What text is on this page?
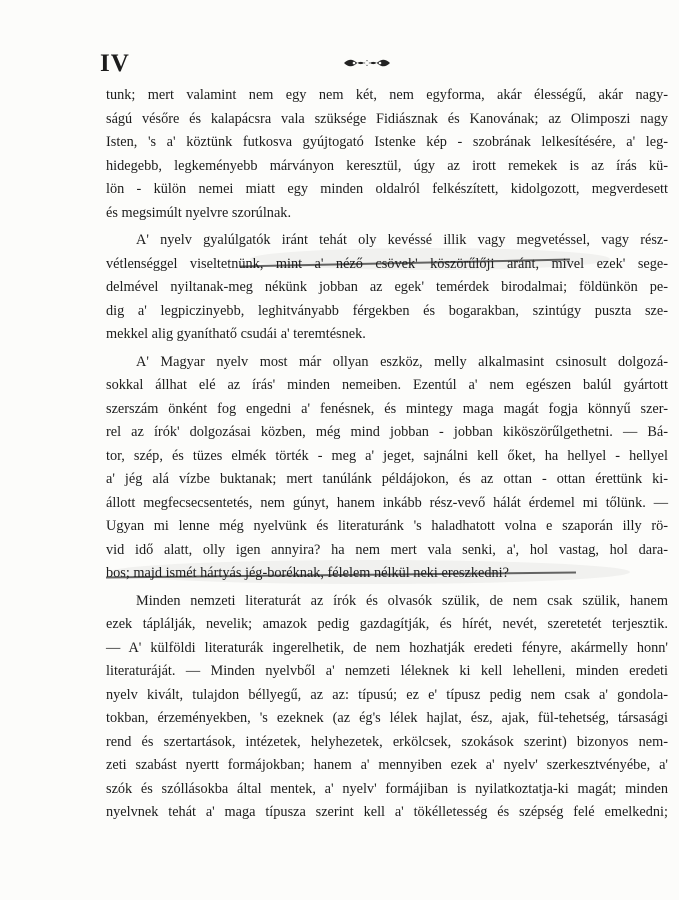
IV
tunk; mert valamint nem egy nem két, nem egyforma, akár élességű, akár nagy-
ságú vésőre és kalapácsra vala szüksége Fidiásznak és Kanovának; az Olimposzi nagy
Isten, 's a' köztünk futkosva gyújtogató Istenke kép - szobrának lelkesítésére, a' leg-
hidegebb, legkeményebb márványon keresztül, úgy az irott remekek is az írás kü-
lön - külön nemei miatt egy minden oldalról felkészített, kidolgozott, megverdesett
és megsimúlt nyelvre szorúlnak.
A' nyelv gyalúlgatók iránt tehát oly kevéssé illik vagy megvetéssel, vagy rész-
vétlenséggel viseltetnünk, mint a' néző csövek' köszörűlőji aránt, mivel ezek' sege-
delmével nyiltanak-meg nékünk jobban az egek' temérdek birodalmai; földünkön pe-
dig a' legpiczinyebb, leghitványabb férgekben és bogarakban, szintúgy puszta sze-
mekkel alig gyaníthatő csudái a' teremtésnek.
A' Magyar nyelv most már ollyan eszköz, melly alkalmasint csinosult dolgozá-
sokkal állhat elé az írás' minden nemeiben. Ezentúl a' nem egészen balúl gyártott
szerszám önként fog engedni a' fenésnek, és mintegy maga magát fogja könnyű szer-
rel az írók' dolgozásai közben, még mind jobban - jobban kiköszörűlgethetni. — Bá-
tor, szép, és tüzes elmék törték - meg a' jeget, sajnálni kell őket, ha hellyel - hellyel
a' jég alá vízbe buktanak; mert tanúlánk példájokon, és az ottan - ottan érettünk ki-
állott megfecsecsentetés, nem gúnyt, hanem inkább rész-vevő hálát érdemel mi tőlünk. —
Ugyan mi lenne még nyelvünk és literaturánk 's haladhatott volna e szaporán illy rö-
vid idő alatt, olly igen annyira? ha nem mert vala senki, a', hol vastag, hol dara-
bos; majd ismét hártyás jég-boréknak, félelem nélkül neki ereszkedni?
Minden nemzeti literaturát az írók és olvasók szülik, de nem csak szülik, hanem
ezek táplálják, nevelik; amazok pedig gazdagítják, és hírét, nevét, szeretetét terjesztik.
— A' külföldi literaturák ingerelhetik, de nem hozhatják eredeti fényre, akármelly honn'
literaturáját. — Minden nyelvből a' nemzeti léleknek ki kell lehelleni, minden eredeti
nyelv kivált, tulajdon béllyegű, az az: típusú; ez e' típusz pedig nem csak a' gondola-
tokban, érzeményekben, 's ezeknek (az ég's lélek hajlat, ész, ajak, fül-tehetség, társasági
rend és szertartások, intézetek, helyhezetek, erkölcsek, szokások szerint) bizonyos nem-
zeti szabást nyertt formájokban; hanem a' mennyiben ezek a' nyelv' szerkesztvényébe, a'
szók és szóllásokba által mentek, a' nyelv' formájiban is nyilatkoztatja-ki magát; minden
nyelvnek tehát a' maga típusza szerint kell a' tökélletesség és szépség felé emelkedni;
